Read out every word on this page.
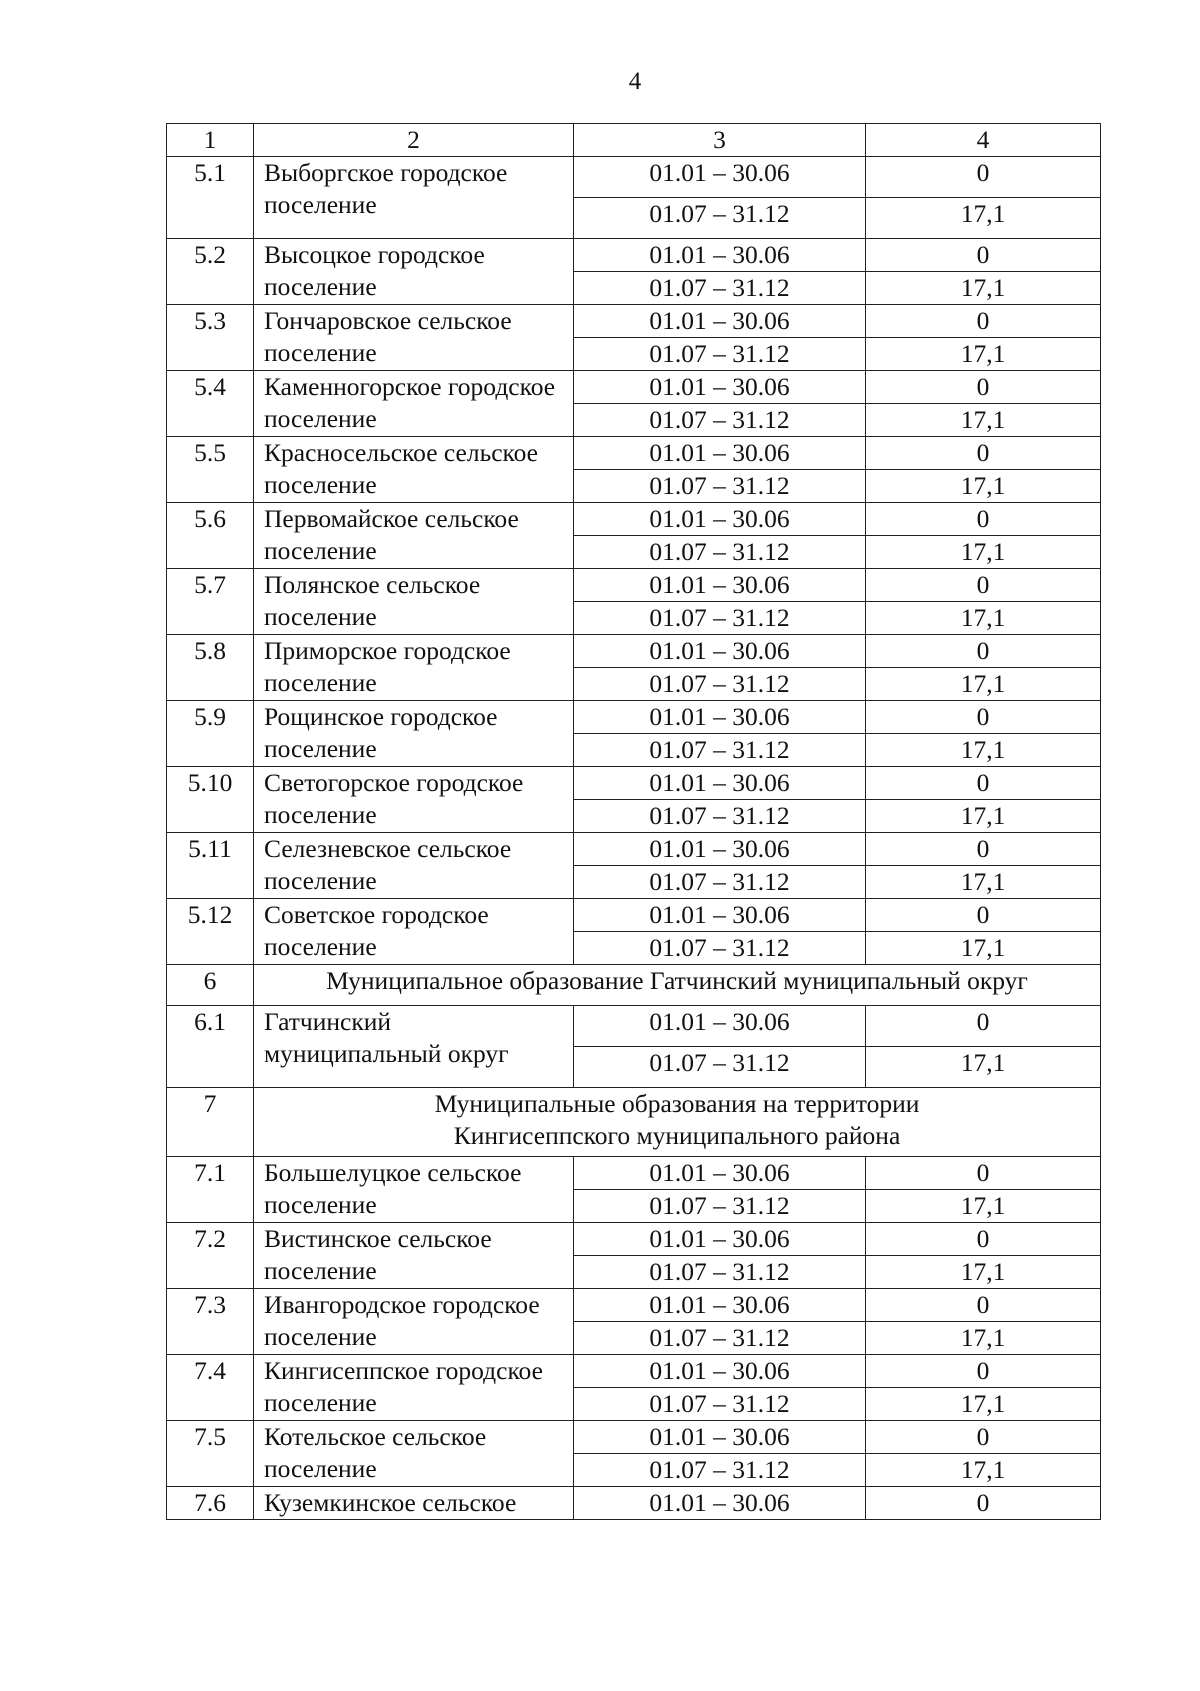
4
1	2	3	4
5.1	Выборгское городское поселение	01.01 – 30.06	0
		01.07 – 31.12	17,1
5.2	Высоцкое городское поселение	01.01 – 30.06	0
		01.07 – 31.12	17,1
5.3	Гончаровское сельское поселение	01.01 – 30.06	0
		01.07 – 31.12	17,1
5.4	Каменногорское городское поселение	01.01 – 30.06	0
		01.07 – 31.12	17,1
5.5	Красносельское сельское поселение	01.01 – 30.06	0
		01.07 – 31.12	17,1
5.6	Первомайское сельское поселение	01.01 – 30.06	0
		01.07 – 31.12	17,1
5.7	Полянское сельское поселение	01.01 – 30.06	0
		01.07 – 31.12	17,1
5.8	Приморское городское поселение	01.01 – 30.06	0
		01.07 – 31.12	17,1
5.9	Рощинское городское поселение	01.01 – 30.06	0
		01.07 – 31.12	17,1
5.10	Светогорское городское поселение	01.01 – 30.06	0
		01.07 – 31.12	17,1
5.11	Селезневское сельское поселение	01.01 – 30.06	0
		01.07 – 31.12	17,1
5.12	Советское городское поселение	01.01 – 30.06	0
		01.07 – 31.12	17,1
6	Муниципальное образование Гатчинский муниципальный округ		
6.1	Гатчинский муниципальный округ	01.01 – 30.06	0
		01.07 – 31.12	17,1
7	Муниципальные образования на территории
Кингисеппского муниципального района		

7.1	Большелуцкое сельское поселение	01.01 – 30.06	0
		01.07 – 31.12	17,1
7.2	Вистинское сельское поселение	01.01 – 30.06	0
		01.07 – 31.12	17,1
7.3	Ивангородское городское поселение	01.01 – 30.06	0
		01.07 – 31.12	17,1
7.4	Кингисеппское городское поселение	01.01 – 30.06	0
		01.07 – 31.12	17,1
7.5	Котельское сельское поселение	01.01 – 30.06	0
		01.07 – 31.12	17,1
7.6	Куземкинское сельское	01.01 – 30.06	0
